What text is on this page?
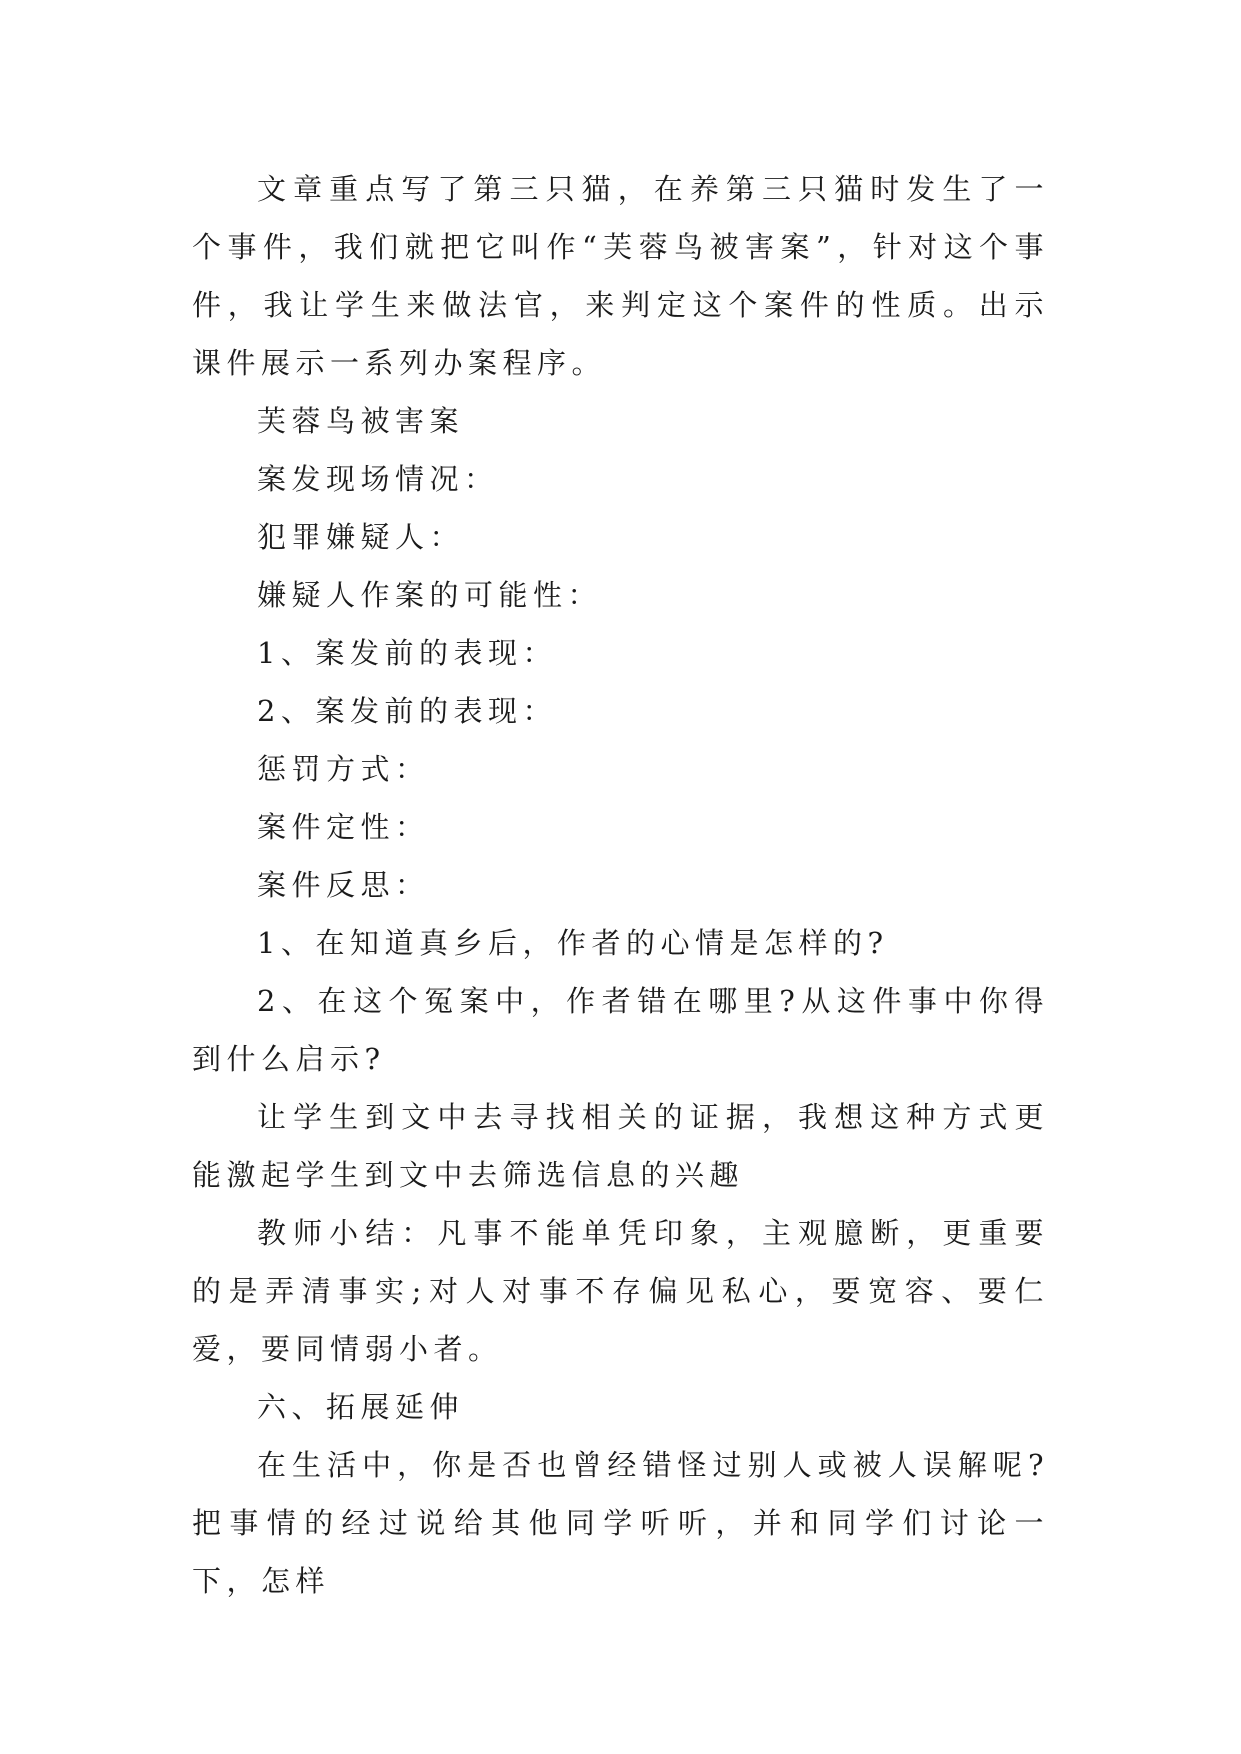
文章重点写了第三只猫，在养第三只猫时发生了一个事件，我们就把它叫作“芙蓉鸟被害案”，针对这个事件，我让学生来做法官，来判定这个案件的性质。出示课件展示一系列办案程序。

芙蓉鸟被害案

案发现场情况：

犯罪嫌疑人：

嫌疑人作案的可能性：

1、案发前的表现：

2、案发前的表现：

惩罚方式：

案件定性：

案件反思：

1、在知道真乡后，作者的心情是怎样的?

2、在这个冤案中，作者错在哪里?从这件事中你得到什么启示?

让学生到文中去寻找相关的证据，我想这种方式更能激起学生到文中去筛选信息的兴趣

教师小结：凡事不能单凭印象，主观臆断，更重要的是弄清事实;对人对事不存偏见私心，要宽容、要仁爱，要同情弱小者。

六、拓展延伸

在生活中，你是否也曾经错怪过别人或被人误解呢?把事情的经过说给其他同学听听，并和同学们讨论一下，怎样
